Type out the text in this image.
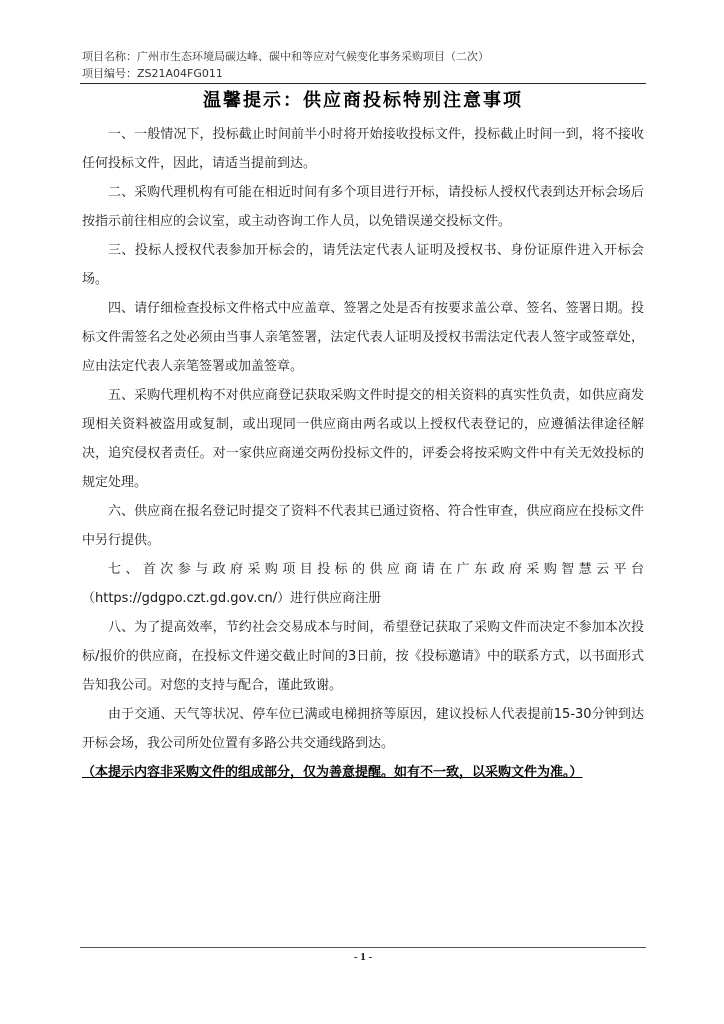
项目名称：广州市生态环境局碳达峰、碳中和等应对气候变化事务采购项目（二次）
项目编号：ZS21A04FG011
温馨提示：供应商投标特别注意事项

一、一般情况下，投标截止时间前半小时将开始接收投标文件，投标截止时间一到，将不接收任何投标文件，因此，请适当提前到达。

二、采购代理机构有可能在相近时间有多个项目进行开标，请投标人授权代表到达开标会场后按指示前往相应的会议室，或主动咨询工作人员，以免错误递交投标文件。

三、投标人授权代表参加开标会的，请凭法定代表人证明及授权书、身份证原件进入开标会场。

四、请仔细检查投标文件格式中应盖章、签署之处是否有按要求盖公章、签名、签署日期。投标文件需签名之处必须由当事人亲笔签署，法定代表人证明及授权书需法定代表人签字或签章处，应由法定代表人亲笔签署或加盖签章。

五、采购代理机构不对供应商登记获取采购文件时提交的相关资料的真实性负责，如供应商发现相关资料被盗用或复制，或出现同一供应商由两名或以上授权代表登记的，应遵循法律途径解决，追究侵权者责任。对一家供应商递交两份投标文件的，评委会将按采购文件中有关无效投标的规定处理。

六、供应商在报名登记时提交了资料不代表其已通过资格、符合性审查，供应商应在投标文件中另行提供。

七、首次参与政府采购项目投标的供应商请在广东政府采购智慧云平台（https://gdgpo.czt.gd.gov.cn/）进行供应商注册

八、为了提高效率，节约社会交易成本与时间，希望登记获取了采购文件而决定不参加本次投标/报价的供应商，在投标文件递交截止时间的3日前，按《投标邀请》中的联系方式，以书面形式告知我公司。对您的支持与配合，谨此致谢。

由于交通、天气等状况、停车位已满或电梯拥挤等原因，建议投标人代表提前15-30分钟到达开标会场，我公司所处位置有多路公共交通线路到达。

（本提示内容非采购文件的组成部分，仅为善意提醒。如有不一致，以采购文件为准。）

- 1 -
